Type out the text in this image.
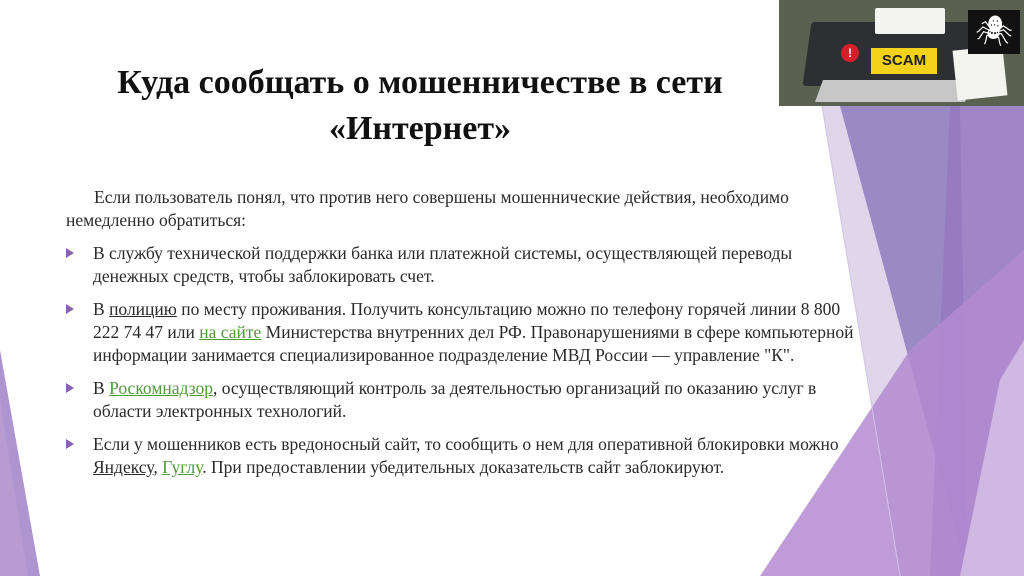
!	SCAM
🕷
Куда сообщать о мошенничестве в сети «Интернет»

Если пользователь понял, что против него совершены мошеннические действия, необходимо немедленно обратиться:

В службу технической поддержки банка или платежной системы, осуществляющей переводы денежных средств, чтобы заблокировать счет.
В полицию по месту проживания. Получить консультацию можно по телефону горячей линии 8 800 222 74 47 или на сайте Министерства внутренних дел РФ. Правонарушениями в сфере компьютерной информации занимается специализированное подразделение МВД России — управление "К".
В Роскомнадзор, осуществляющий контроль за деятельностью организаций по оказанию услуг в области электронных технологий.
Если у мошенников есть вредоносный сайт, то сообщить о нем для оперативной блокировки можно Яндексу, Гуглу. При предоставлении убедительных доказательств сайт заблокируют.
